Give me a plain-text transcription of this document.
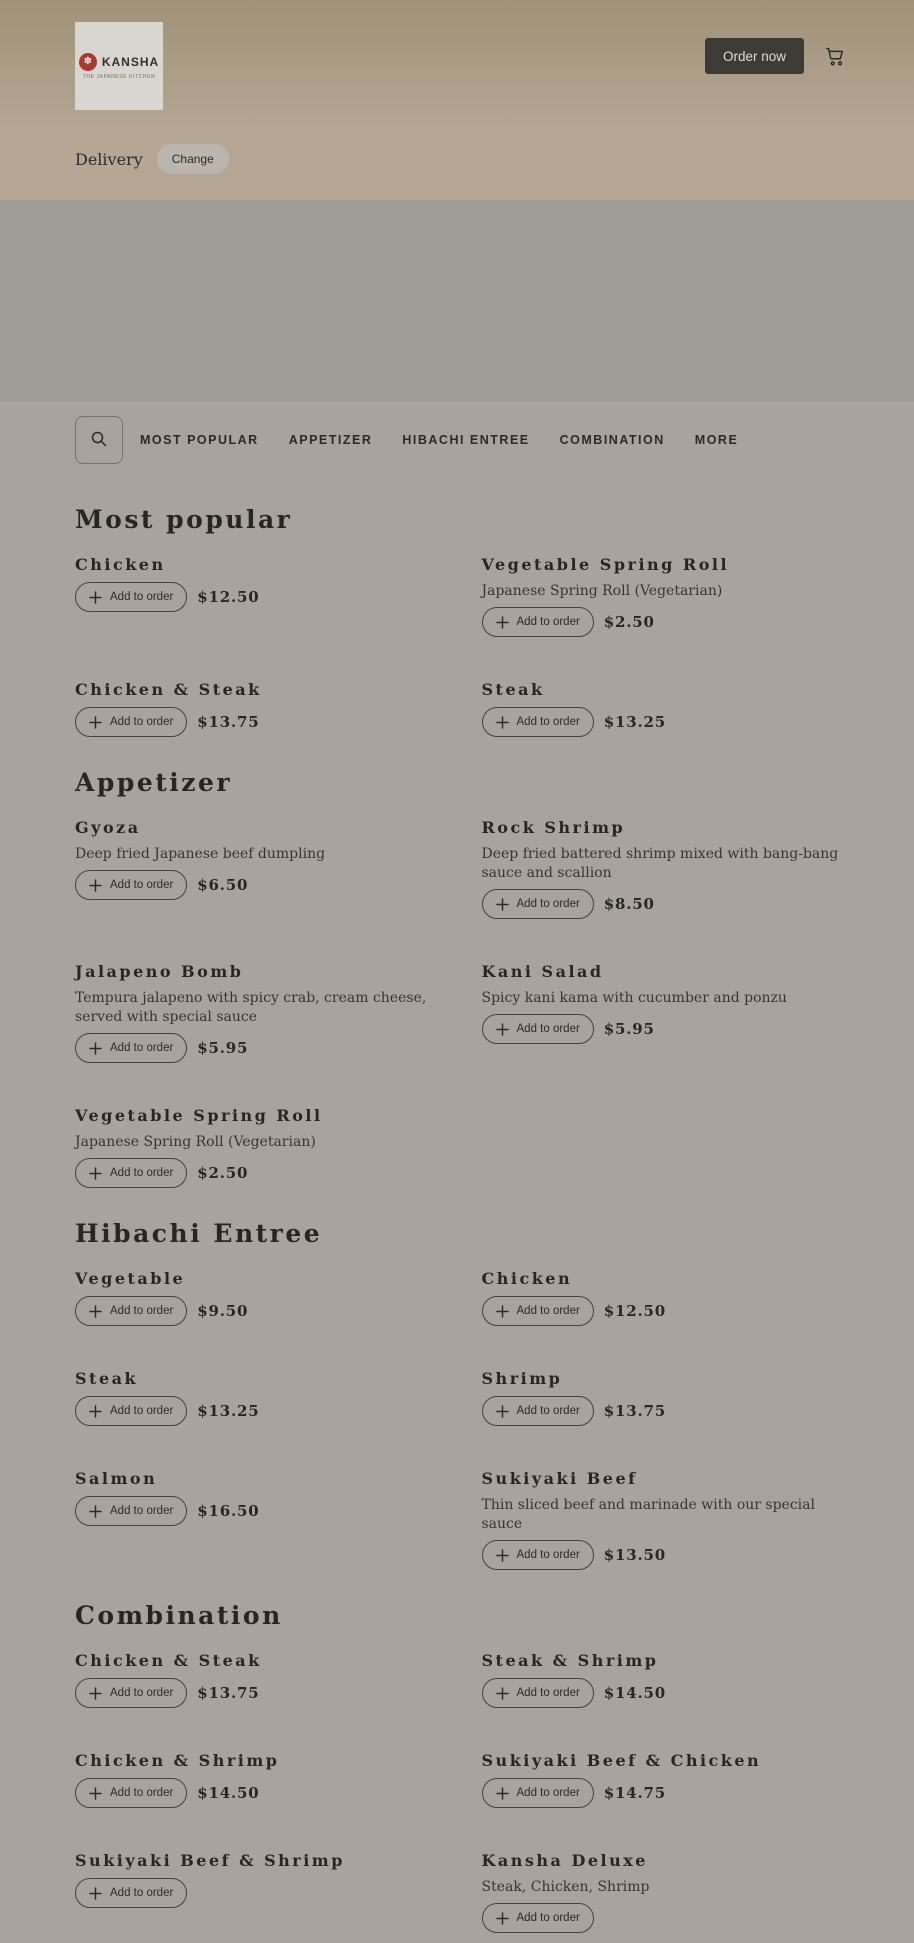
✽ KANSHA
THE JAPANESE KITCHEN
Order now
Delivery	Change
MOST POPULAR APPETIZER HIBACHI ENTREE COMBINATION MORE
Most popular
Chicken
Add to order $12.50
Vegetable Spring Roll

Japanese Spring Roll (Vegetarian)

Add to order $2.50
Chicken & Steak
Add to order $13.75
Steak
Add to order $13.25
Appetizer
Gyoza

Deep fried Japanese beef dumpling

Add to order $6.50
Rock Shrimp

Deep fried battered shrimp mixed with bang-bang sauce and scallion

Add to order $8.50
Jalapeno Bomb

Tempura jalapeno with spicy crab, cream cheese, served with special sauce

Add to order $5.95
Kani Salad

Spicy kani kama with cucumber and ponzu

Add to order $5.95
Vegetable Spring Roll

Japanese Spring Roll (Vegetarian)

Add to order $2.50
Hibachi Entree
Vegetable
Add to order $9.50
Chicken
Add to order $12.50
Steak
Add to order $13.25
Shrimp
Add to order $13.75
Salmon
Add to order $16.50
Sukiyaki Beef

Thin sliced beef and marinade with our special sauce

Add to order $13.50
Combination
Chicken & Steak
Add to order $13.75
Steak & Shrimp
Add to order $14.50
Chicken & Shrimp
Add to order $14.50
Sukiyaki Beef & Chicken
Add to order $14.75
Sukiyaki Beef & Shrimp
Add to order
Kansha Deluxe

Steak, Chicken, Shrimp

Add to order
